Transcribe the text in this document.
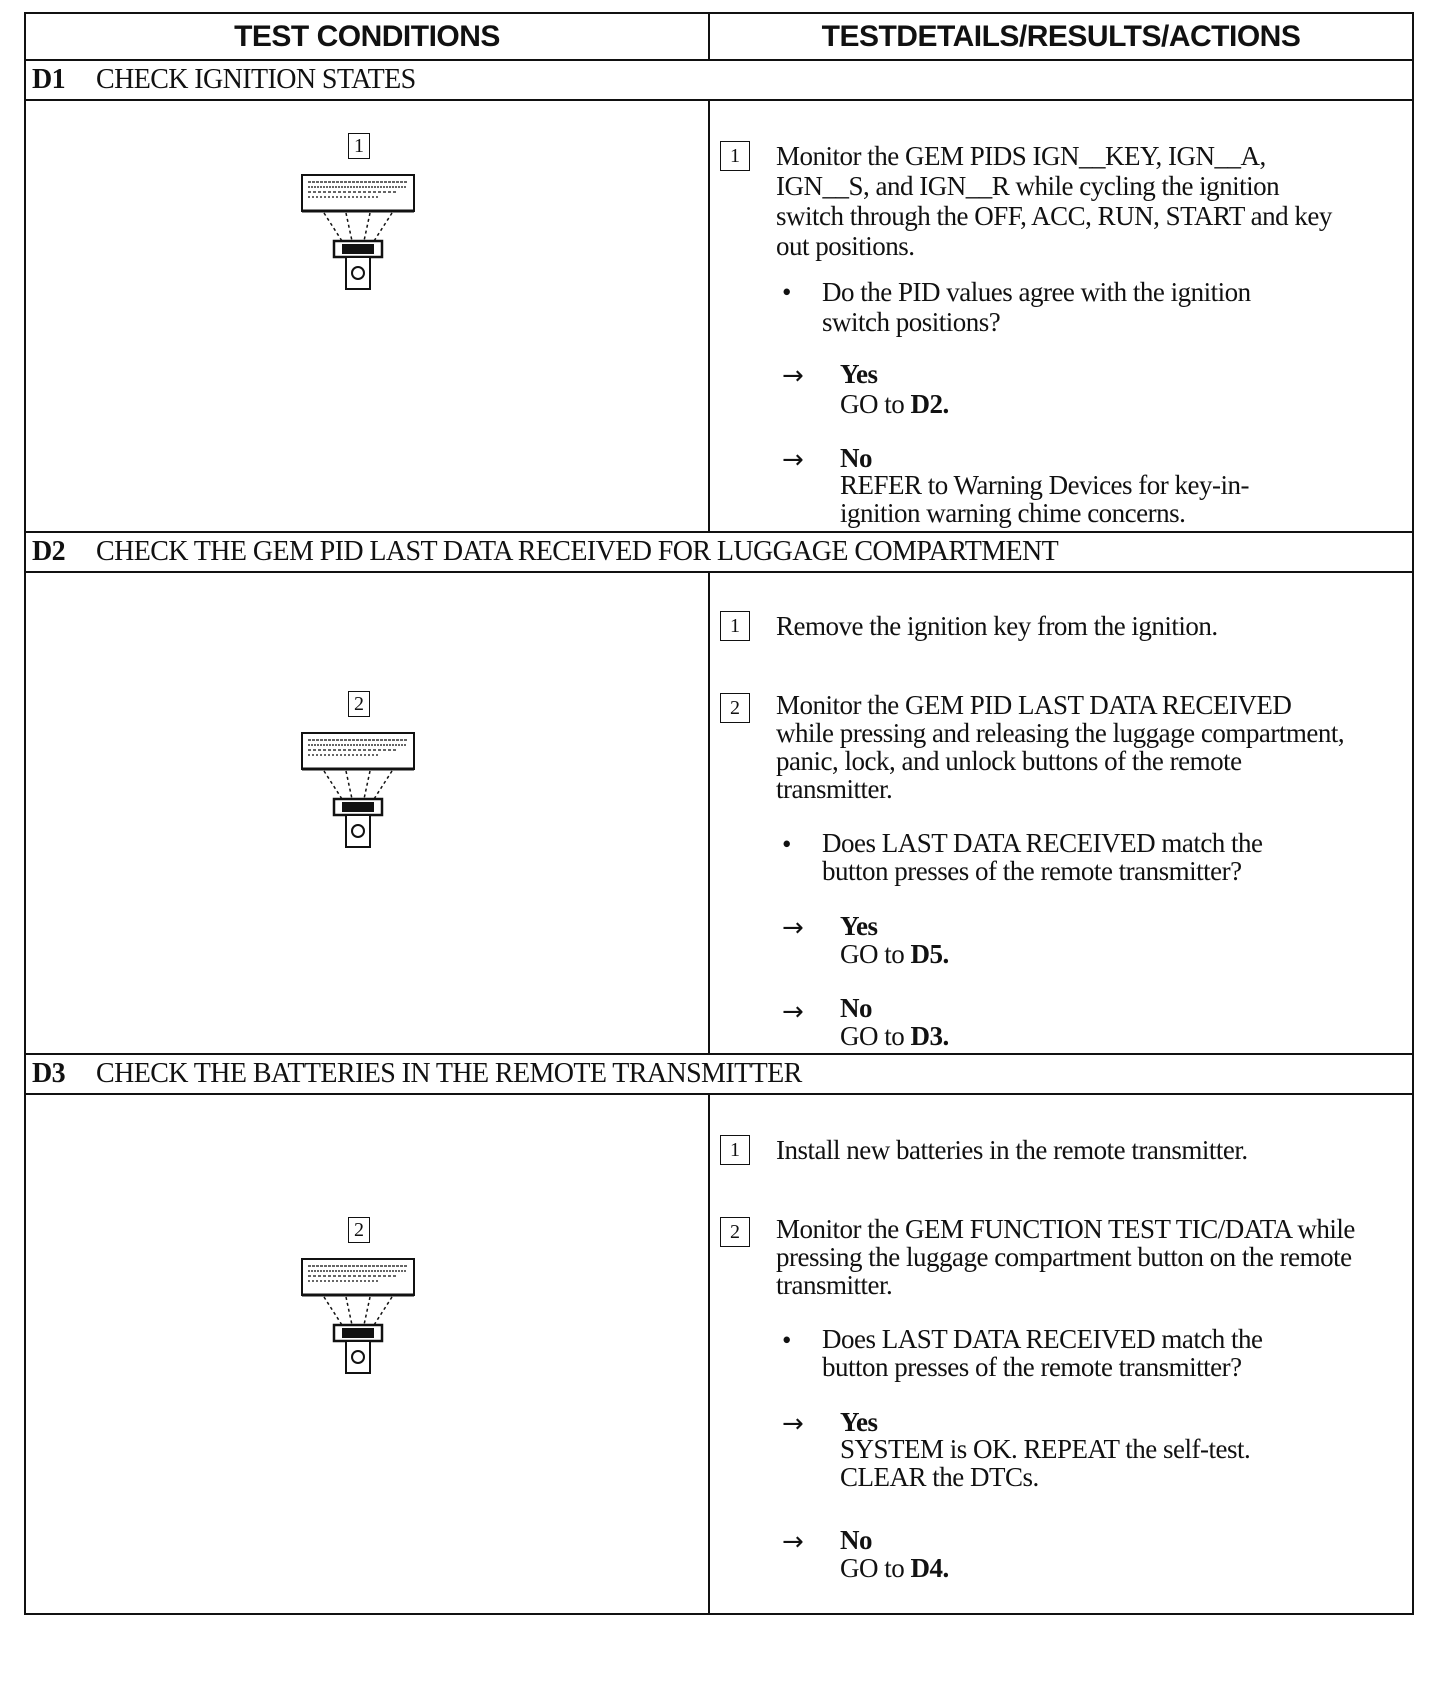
TEST CONDITIONS	TESTDETAILS/RESULTS/ACTIONS
D1	CHECK IGNITION STATES
1	1	Monitor the GEM PIDS IGN__KEY, IGN__A, IGN__S, and IGN__R while cycling the ignition switch through the OFF, ACC, RUN, START and key out positions.
• Do the PID values agree with the ignition switch positions?
→ Yes
GO to D2.
→ No
REFER to Warning Devices for key-in-ignition warning chime concerns.
D2	CHECK THE GEM PID LAST DATA RECEIVED FOR LUGGAGE COMPARTMENT
2
1	Remove the ignition key from the ignition.
2	Monitor the GEM PID LAST DATA RECEIVED while pressing and releasing the luggage compartment, panic, lock, and unlock buttons of the remote transmitter.
• Does LAST DATA RECEIVED match the button presses of the remote transmitter?
→ Yes
GO to D5.
→ No
GO to D3.
D3	CHECK THE BATTERIES IN THE REMOTE TRANSMITTER
2
1	Install new batteries in the remote transmitter.
2	Monitor the GEM FUNCTION TEST TIC/DATA while pressing the luggage compartment button on the remote transmitter.
• Does LAST DATA RECEIVED match the button presses of the remote transmitter?
→ Yes
SYSTEM is OK. REPEAT the self-test. CLEAR the DTCs.
→ No
GO to D4.
